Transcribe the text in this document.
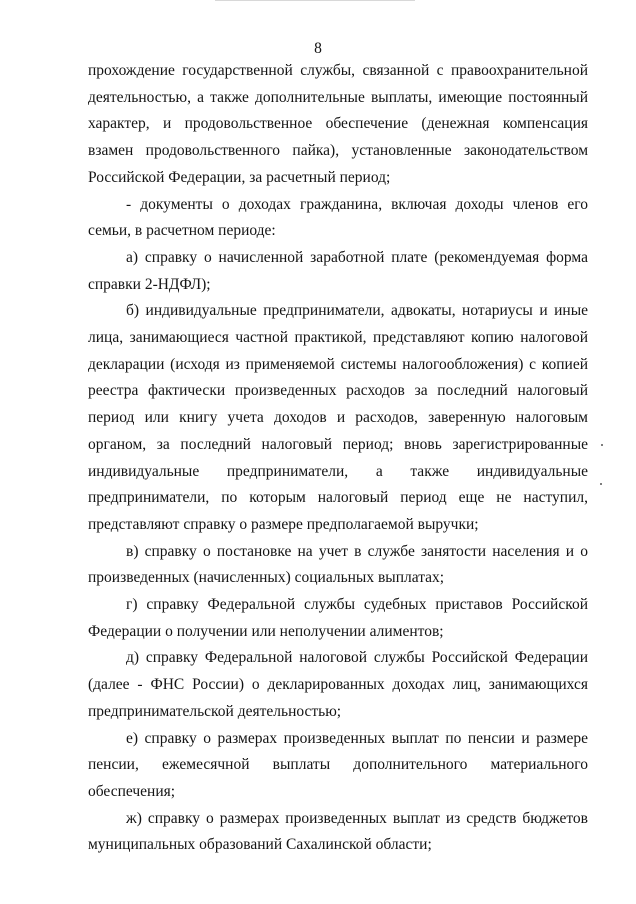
8

прохождение государственной службы, связанной с правоохранительной деятельностью, а также дополнительные выплаты, имеющие постоянный характер, и продовольственное обеспечение (денежная компенсация взамен продовольственного пайка), установленные законодательством Российской Федерации, за расчетный период;

- документы о доходах гражданина, включая доходы членов его семьи, в расчетном периоде:

а) справку о начисленной заработной плате (рекомендуемая форма справки 2-НДФЛ);

б) индивидуальные предприниматели, адвокаты, нотариусы и иные лица, занимающиеся частной практикой, представляют копию налоговой декларации (исходя из применяемой системы налогообложения) с копией реестра фактически произведенных расходов за последний налоговый период или книгу учета доходов и расходов, заверенную налоговым органом, за последний налоговый период; вновь зарегистрированные индивидуальные предприниматели, а также индивидуальные предприниматели, по которым налоговый период еще не наступил, представляют справку о размере предполагаемой выручки;

в) справку о постановке на учет в службе занятости населения и о произведенных (начисленных) социальных выплатах;

г) справку Федеральной службы судебных приставов Российской Федерации о получении или неполучении алиментов;

д) справку Федеральной налоговой службы Российской Федерации (далее - ФНС России) о декларированных доходах лиц, занимающихся предпринимательской деятельностью;

е) справку о размерах произведенных выплат по пенсии и размере пенсии, ежемесячной выплаты дополнительного материального обеспечения;

ж) справку о размерах произведенных выплат из средств бюджетов муниципальных образований Сахалинской области;
